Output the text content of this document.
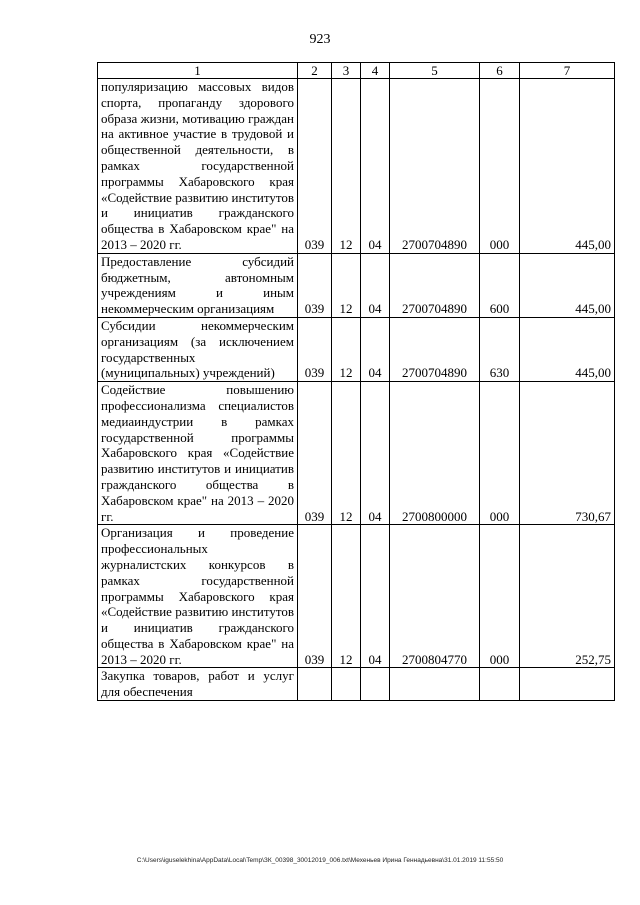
923
1	2	3	4	5	6	7
популяризацию массовых видов спорта, пропаганду здорового образа жизни, мотивацию граждан на активное участие в трудовой и общественной деятельности, в рамках государственной программы Хабаровского края «Содействие развитию институтов и инициатив гражданского общества в Хабаровском крае" на 2013 – 2020 гг.	039	12	04	2700704890	000	445,00
Предоставление субсидий бюджетным, автономным учреждениям и иным некоммерческим организациям	039	12	04	2700704890	600	445,00
Субсидии некоммерческим организациям (за исключением государственных (муниципальных) учреждений)	039	12	04	2700704890	630	445,00
Содействие повышению профессионализма специалистов медиаиндустрии в рамках государственной программы Хабаровского края «Содействие развитию институтов и инициатив гражданского общества в Хабаровском крае" на 2013 – 2020 гг.	039	12	04	2700800000	000	730,67
Организация и проведение профессиональных журналистских конкурсов в рамках государственной программы Хабаровского края «Содействие развитию институтов и инициатив гражданского общества в Хабаровском крае" на 2013 – 2020 гг.	039	12	04	2700804770	000	252,75
Закупка товаров, работ и услуг для обеспечения						
C:\Users\iguselekhina\AppData\Local\Temp\ЗК_00398_30012019_006.txt\Мехеньев Ирина Геннадьевна\31.01.2019 11:55:50
